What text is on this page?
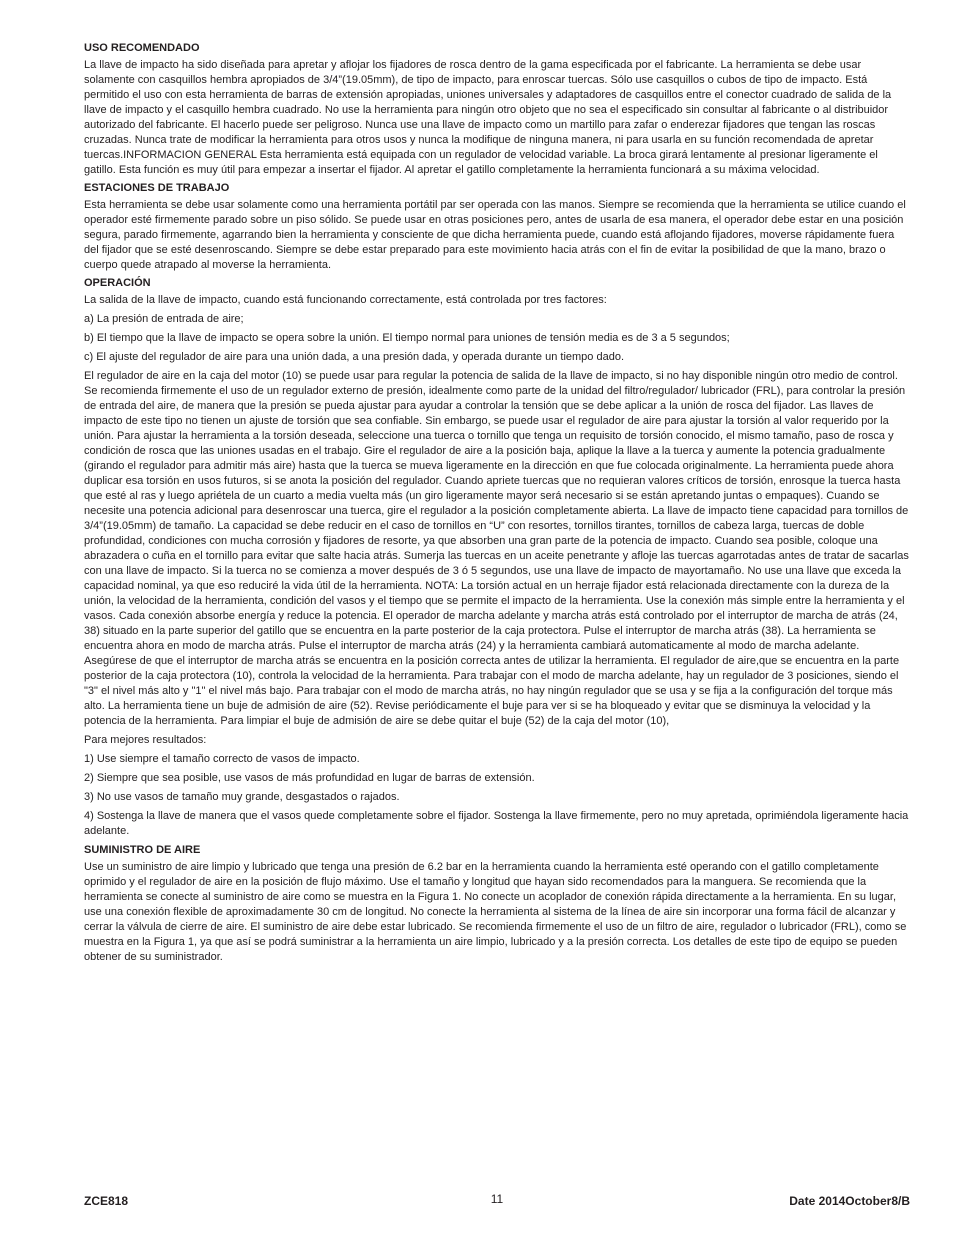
USO RECOMENDADO

La llave de impacto ha sido diseñada para apretar y aflojar los fijadores de rosca dentro de la gama especificada por el fabricante. La herramienta se debe usar solamente con casquillos hembra apropiados de 3/4”(19.05mm), de tipo de impacto, para enroscar tuercas. Sólo use casquillos o cubos de tipo de impacto. Está permitido el uso con esta herramienta de barras de extensión apropiadas, uniones universales y adaptadores de casquillos entre el conector cuadrado de salida de la llave de impacto y el casquillo hembra cuadrado. No use la herramienta para ningún otro objeto que no sea el especificado sin consultar al fabricante o al distribuidor autorizado del fabricante. El hacerlo puede ser peligroso. Nunca use una llave de impacto como un martillo para zafar o enderezar fijadores que tengan las roscas cruzadas. Nunca trate de modificar la herramienta para otros usos y nunca la modifique de ninguna manera, ni para usarla en su función recomendada de apretar tuercas.INFORMACION GENERAL Esta herramienta está equipada con un regulador de velocidad variable. La broca girará lentamente al presionar ligeramente el gatillo. Esta función es muy útil para empezar a insertar el fijador. Al apretar el gatillo completamente la herramienta funcionará a su máxima velocidad.

ESTACIONES DE TRABAJO

Esta herramienta se debe usar solamente como una herramienta portátil par ser operada con las manos. Siempre se recomienda que la herramienta se utilice cuando el operador esté firmemente parado sobre un piso sólido. Se puede usar en otras posiciones pero, antes de usarla de esa manera, el operador debe estar en una posición segura, parado firmemente, agarrando bien la herramienta y consciente de que dicha herramienta puede, cuando está aflojando fijadores, moverse rápidamente fuera del fijador que se esté desenroscando. Siempre se debe estar preparado para este movimiento hacia atrás con el fin de evitar la posibilidad de que la mano, brazo o cuerpo quede atrapado al moverse la herramienta.

OPERACIÓN

La salida de la llave de impacto, cuando está funcionando correctamente, está controlada por tres factores:

a) La presión de entrada de aire;

b) El tiempo que la llave de impacto se opera sobre la unión. El tiempo normal para uniones de tensión media es de 3 a 5 segundos;

c) El ajuste del regulador de aire para una unión dada, a una presión dada, y operada durante un tiempo dado.

El regulador de aire en la caja del motor (10) se puede usar para regular la potencia de salida de la llave de impacto, si no hay disponible ningún otro medio de control. Se recomienda firmemente el uso de un regulador externo de presión, idealmente como parte de la unidad del filtro/regulador/ lubricador (FRL), para controlar la presión de entrada del aire, de manera que la presión se pueda ajustar para ayudar a controlar la tensión que se debe aplicar a la unión de rosca del fijador. Las llaves de impacto de este tipo no tienen un ajuste de torsión que sea confiable. Sin embargo, se puede usar el regulador de aire para ajustar la torsión al valor requerido por la unión. Para ajustar la herramienta a la torsión deseada, seleccione una tuerca o tornillo que tenga un requisito de torsión conocido, el mismo tamaño, paso de rosca y condición de rosca que las uniones usadas en el trabajo. Gire el regulador de aire a la posición baja, aplique la llave a la tuerca y aumente la potencia gradualmente (girando el regulador para admitir más aire) hasta que la tuerca se mueva ligeramente en la dirección en que fue colocada originalmente. La herramienta puede ahora duplicar esa torsión en usos futuros, si se anota la posición del regulador. Cuando apriete tuercas que no requieran valores críticos de torsión, enrosque la tuerca hasta que esté al ras y luego apriétela de un cuarto a media vuelta más (un giro ligeramente mayor será necesario si se están apretando juntas o empaques). Cuando se necesite una potencia adicional para desenroscar una tuerca, gire el regulador a la posición completamente abierta. La llave de impacto tiene capacidad para tornillos de 3/4”(19.05mm) de tamaño. La capacidad se debe reducir en el caso de tornillos en “U” con resortes, tornillos tirantes, tornillos de cabeza larga, tuercas de doble profundidad, condiciones con mucha corrosión y fijadores de resorte, ya que absorben una gran parte de la potencia de impacto. Cuando sea posible, coloque una abrazadera o cuña en el tornillo para evitar que salte hacia atrás. Sumerja las tuercas en un aceite penetrante y afloje las tuercas agarrotadas antes de tratar de sacarlas con una llave de impacto. Si la tuerca no se comienza a mover después de 3 ó 5 segundos, use una llave de impacto de mayortamaño. No use una llave que exceda la capacidad nominal, ya que eso reduciré la vida útil de la herramienta. NOTA: La torsión actual en un herraje fijador está relacionada directamente con la dureza de la unión, la velocidad de la herramienta, condición del vasos y el tiempo que se permite el impacto de la herramienta. Use la conexión más simple entre la herramienta y el vasos. Cada conexión absorbe energía y reduce la potencia. El operador de marcha adelante y marcha atrás está controlado por el interruptor de marcha de atrás (24, 38) situado en la parte superior del gatillo que se encuentra en la parte posterior de la caja protectora. Pulse el interruptor de marcha atrás (38). La herramienta se encuentra ahora en modo de marcha atrás. Pulse el interruptor de marcha atrás (24) y la herramienta cambiará automaticamente al modo de marcha adelante. Asegúrese de que el interruptor de marcha atrás se encuentra en la posición correcta antes de utilizar la herramienta. El regulador de aire,que se encuentra en la parte posterior de la caja protectora (10), controla la velocidad de la herramienta. Para trabajar con el modo de marcha adelante, hay un regulador de 3 posiciones, siendo el "3" el nivel más alto y "1" el nivel más bajo. Para trabajar con el modo de marcha atrás, no hay ningún regulador que se usa y se fija a la configuración del torque más alto. La herramienta tiene un buje de admisión de aire (52). Revise periódicamente el buje para ver si se ha bloqueado y evitar que se disminuya la velocidad y la potencia de la herramienta. Para limpiar el buje de admisión de aire se debe quitar el buje (52) de la caja del motor (10),

Para mejores resultados:

1) Use siempre el tamaño correcto de vasos de impacto.

2) Siempre que sea posible, use vasos de más profundidad en lugar de barras de extensión.

3) No use vasos de tamaño muy grande, desgastados o rajados.

4) Sostenga la llave de manera que el vasos quede completamente sobre el fijador. Sostenga la llave firmemente, pero no muy apretada, oprimiéndola ligeramente hacia adelante.

SUMINISTRO DE AIRE

Use un suministro de aire limpio y lubricado que tenga una presión de 6.2 bar en la herramienta cuando la herramienta esté operando con el gatillo completamente oprimido y el regulador de aire en la posición de flujo máximo. Use el tamaño y longitud que hayan sido recomendados para la manguera. Se recomienda que la herramienta se conecte al suministro de aire como se muestra en la Figura 1. No conecte un acoplador de conexión rápida directamente a la herramienta. En su lugar, use una conexión flexible de aproximadamente 30 cm de longitud. No conecte la herramienta al sistema de la línea de aire sin incorporar una forma fácil de alcanzar y cerrar la válvula de cierre de aire. El suministro de aire debe estar lubricado. Se recomienda firmemente el uso de un filtro de aire, regulador o lubricador (FRL), como se muestra en la Figura 1, ya que así se podrá suministrar a la herramienta un aire limpio, lubricado y a la presión correcta. Los detalles de este tipo de equipo se pueden obtener de su suministrador.

ZCE818	11	Date 2014October8/B
